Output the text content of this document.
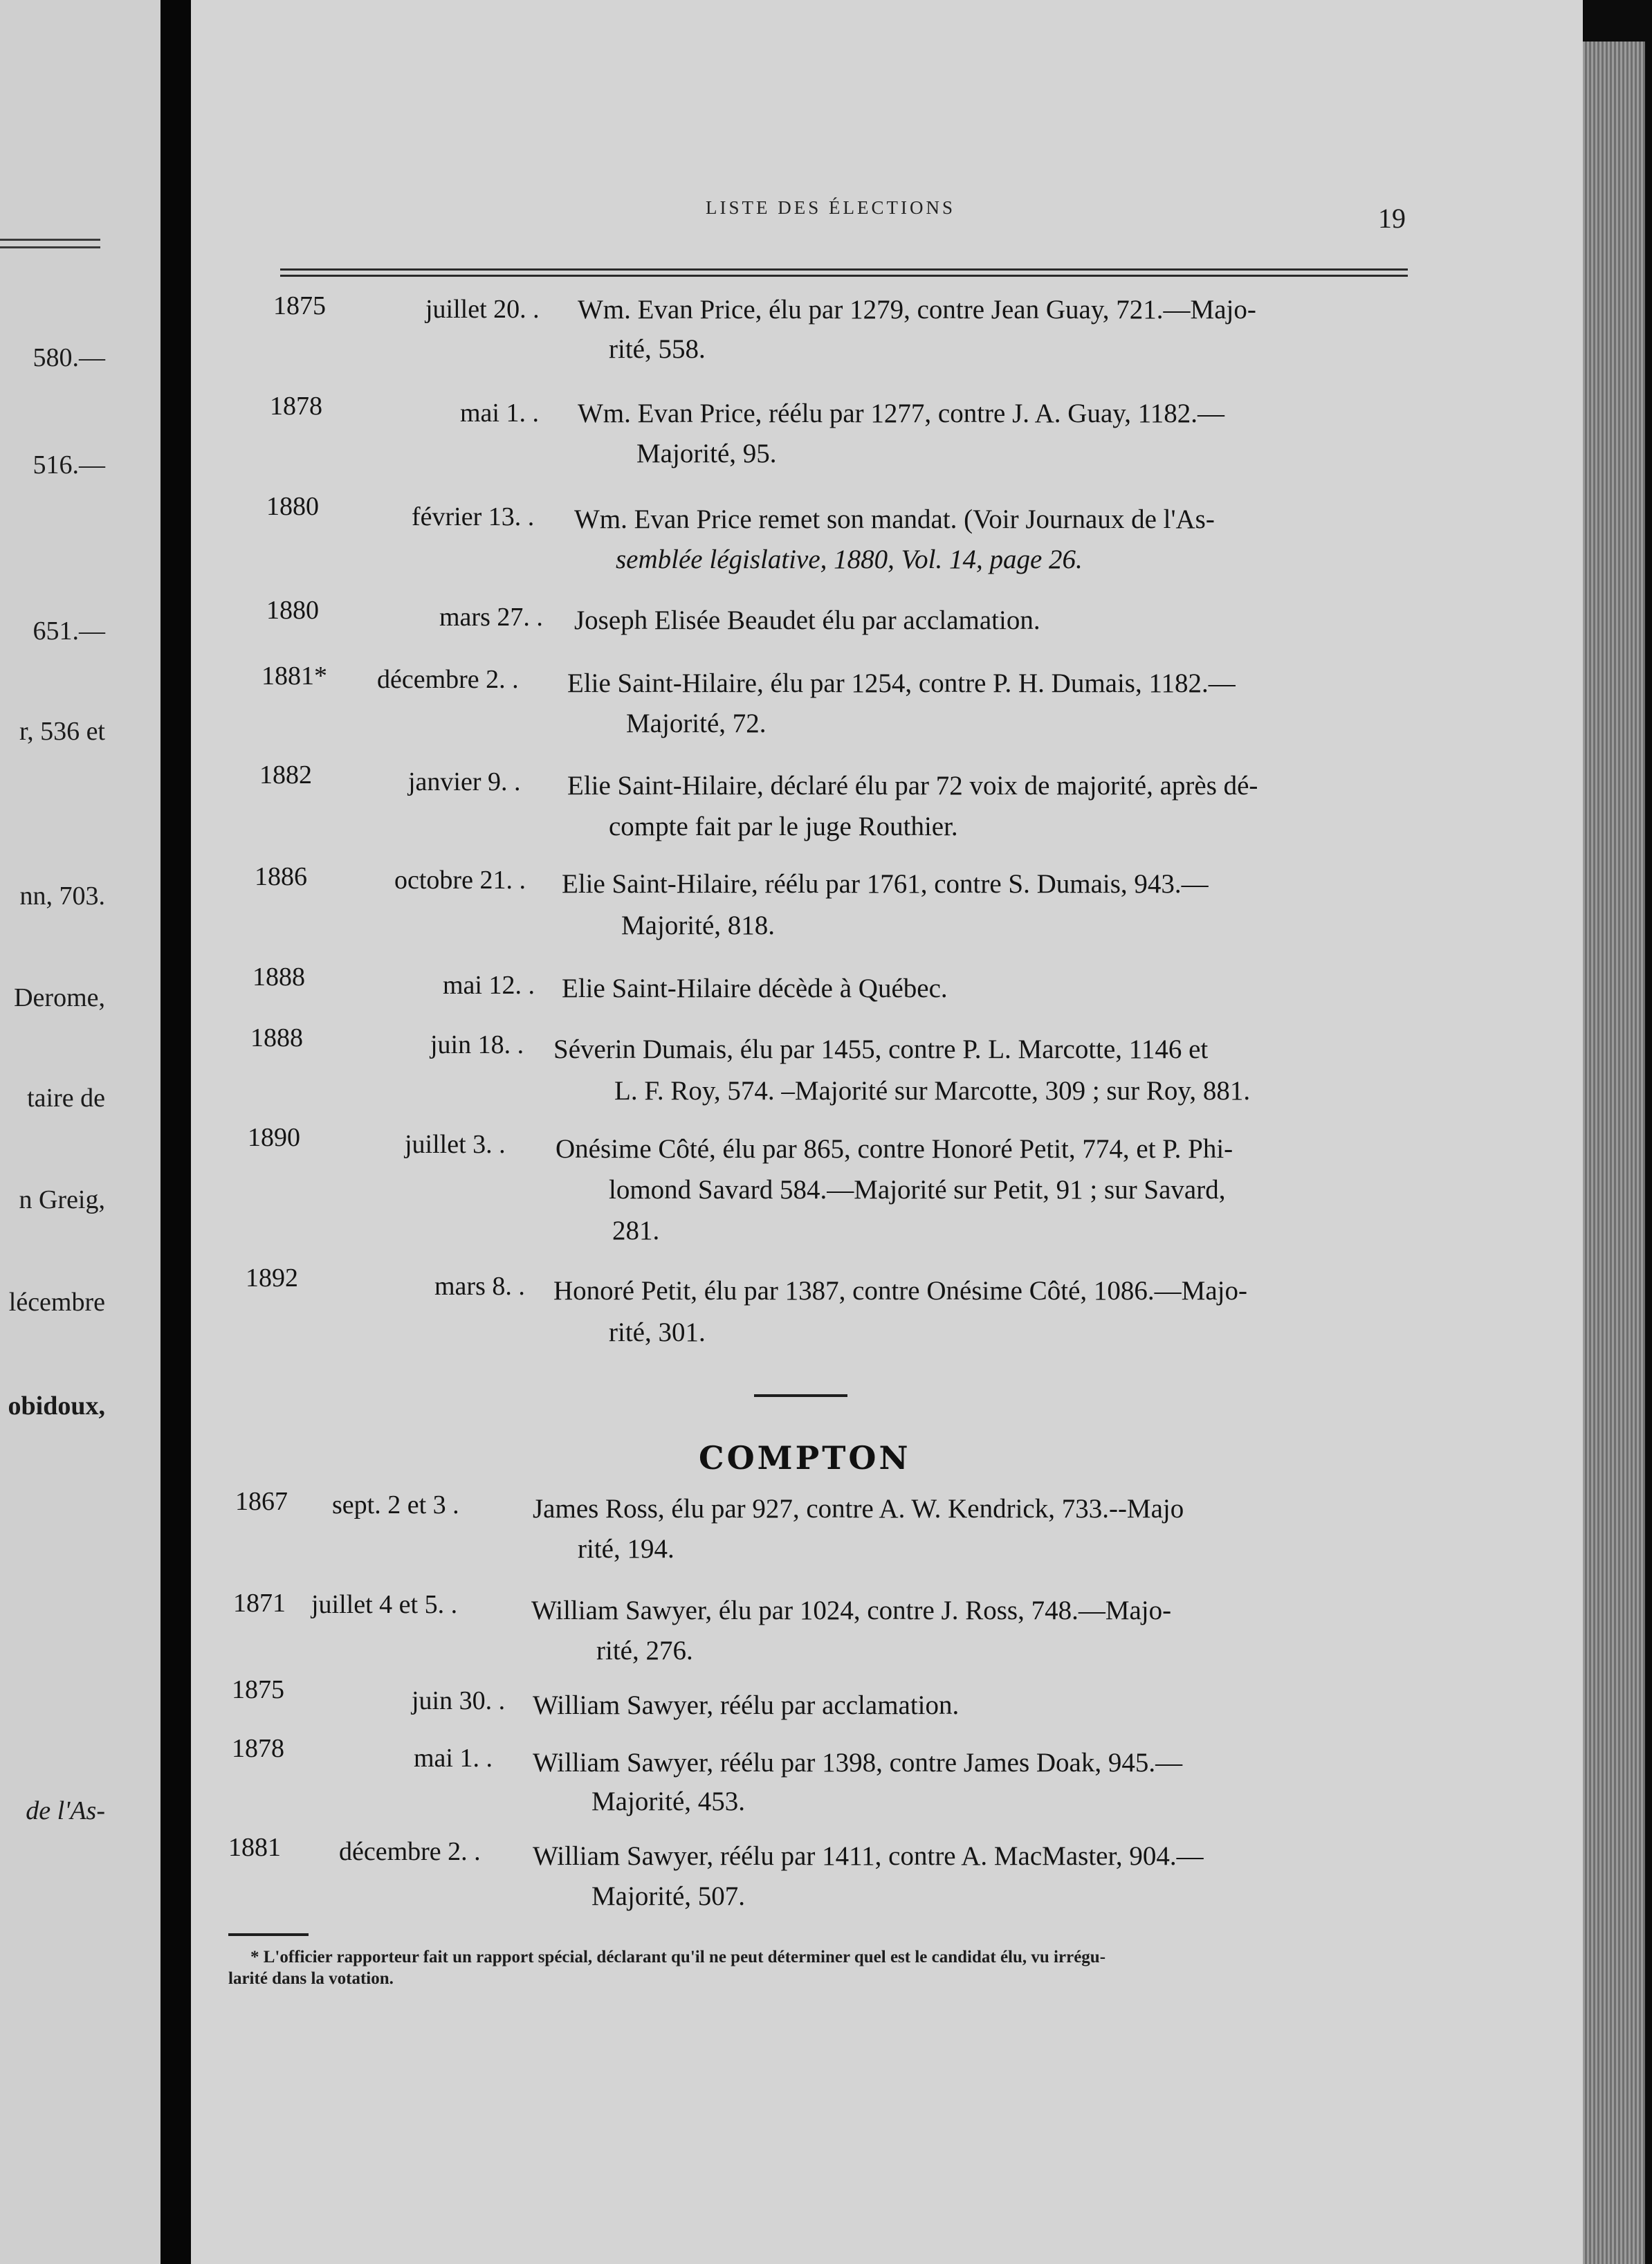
580.—
516.—
651.—
r, 536 et
nn, 703.
Derome,
taire de
n Greig,
lécembre
obidoux,
de l'As-
LISTE DES ÉLECTIONS	19
1875	juillet 20. . Wm. Evan Price, élu par 1279, contre Jean Guay, 721.—Majo-
rité, 558.
1878	mai 1. . Wm. Evan Price, réélu par 1277, contre J. A. Guay, 1182.—
Majorité, 95.
1880	février 13. . Wm. Evan Price remet son mandat. (Voir Journaux de l'As-
semblée législative, 1880, Vol. 14, page 26.
1880	mars 27. . Joseph Elisée Beaudet élu par acclamation.
1881* décembre 2. . Elie Saint-Hilaire, élu par 1254, contre P. H. Dumais, 1182.—
Majorité, 72.
1882	janvier 9. . Elie Saint-Hilaire, déclaré élu par 72 voix de majorité, après dé-
compte fait par le juge Routhier.
1886	octobre 21. . Elie Saint-Hilaire, réélu par 1761, contre S. Dumais, 943.—
Majorité, 818.
1888	mai 12. . Elie Saint-Hilaire décède à Québec.
1888	juin 18. . Séverin Dumais, élu par 1455, contre P. L. Marcotte, 1146 et
L. F. Roy, 574. –Majorité sur Marcotte, 309 ; sur Roy, 881.
1890	juillet 3. . Onésime Côté, élu par 865, contre Honoré Petit, 774, et P. Phi-
lomond Savard 584.—Majorité sur Petit, 91 ; sur Savard,
281.
1892	mars 8. . Honoré Petit, élu par 1387, contre Onésime Côté, 1086.—Majo-
rité, 301.
COMPTON
1867 sept. 2 et 3 .	James Ross, élu par 927, contre A. W. Kendrick, 733.--Majo
rité, 194.
1871 juillet 4 et 5. .	William Sawyer, élu par 1024, contre J. Ross, 748.—Majo-
rité, 276.
1875	juin 30. . William Sawyer, réélu par acclamation.
1878	mai 1. . William Sawyer, réélu par 1398, contre James Doak, 945.—
Majorité, 453.
1881 décembre 2. . William Sawyer, réélu par 1411, contre A. MacMaster, 904.—
Majorité, 507.
* L'officier rapporteur fait un rapport spécial, déclarant qu'il ne peut déterminer quel est le candidat élu, vu irrégu-
larité dans la votation.
